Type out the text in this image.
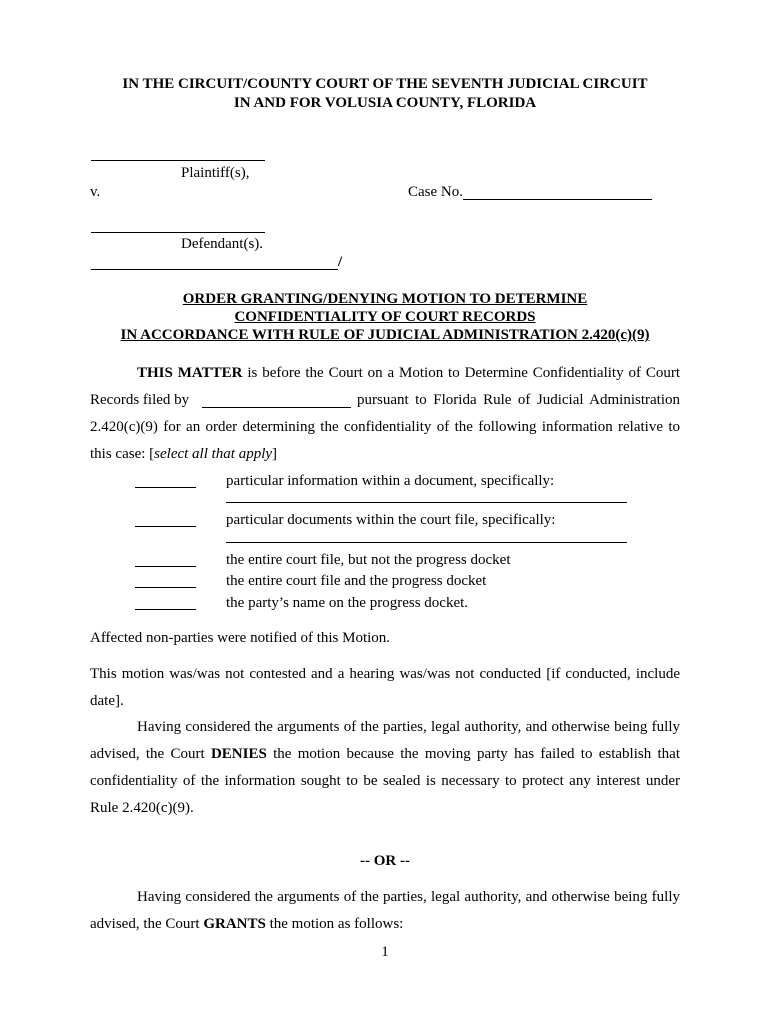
IN THE CIRCUIT/COUNTY COURT OF THE SEVENTH JUDICIAL CIRCUIT
IN AND FOR VOLUSIA COUNTY, FLORIDA
Plaintiff(s),
v.	Case No.
Defendant(s).
/
ORDER GRANTING/DENYING MOTION TO DETERMINE
CONFIDENTIALITY OF COURT RECORDS
IN ACCORDANCE WITH RULE OF JUDICIAL ADMINISTRATION 2.420(c)(9)
THIS MATTER is before the Court on a Motion to Determine Confidentiality of Court
Records filed by	pursuant to Florida Rule of Judicial Administration
2.420(c)(9) for an order determining the confidentiality of the following information relative to
this case: [select all that apply]
particular information within a document, specifically:
particular documents within the court file, specifically:
the entire court file, but not the progress docket
the entire court file and the progress docket
the party’s name on the progress docket.
Affected non-parties were notified of this Motion.
This motion was/was not contested and a hearing was/was not conducted [if conducted, include
date].
Having considered the arguments of the parties, legal authority, and otherwise being fully
advised, the Court DENIES the motion because the moving party has failed to establish that
confidentiality of the information sought to be sealed is necessary to protect any interest under
Rule 2.420(c)(9).
-- OR --
Having considered the arguments of the parties, legal authority, and otherwise being fully
advised, the Court GRANTS the motion as follows:
1
